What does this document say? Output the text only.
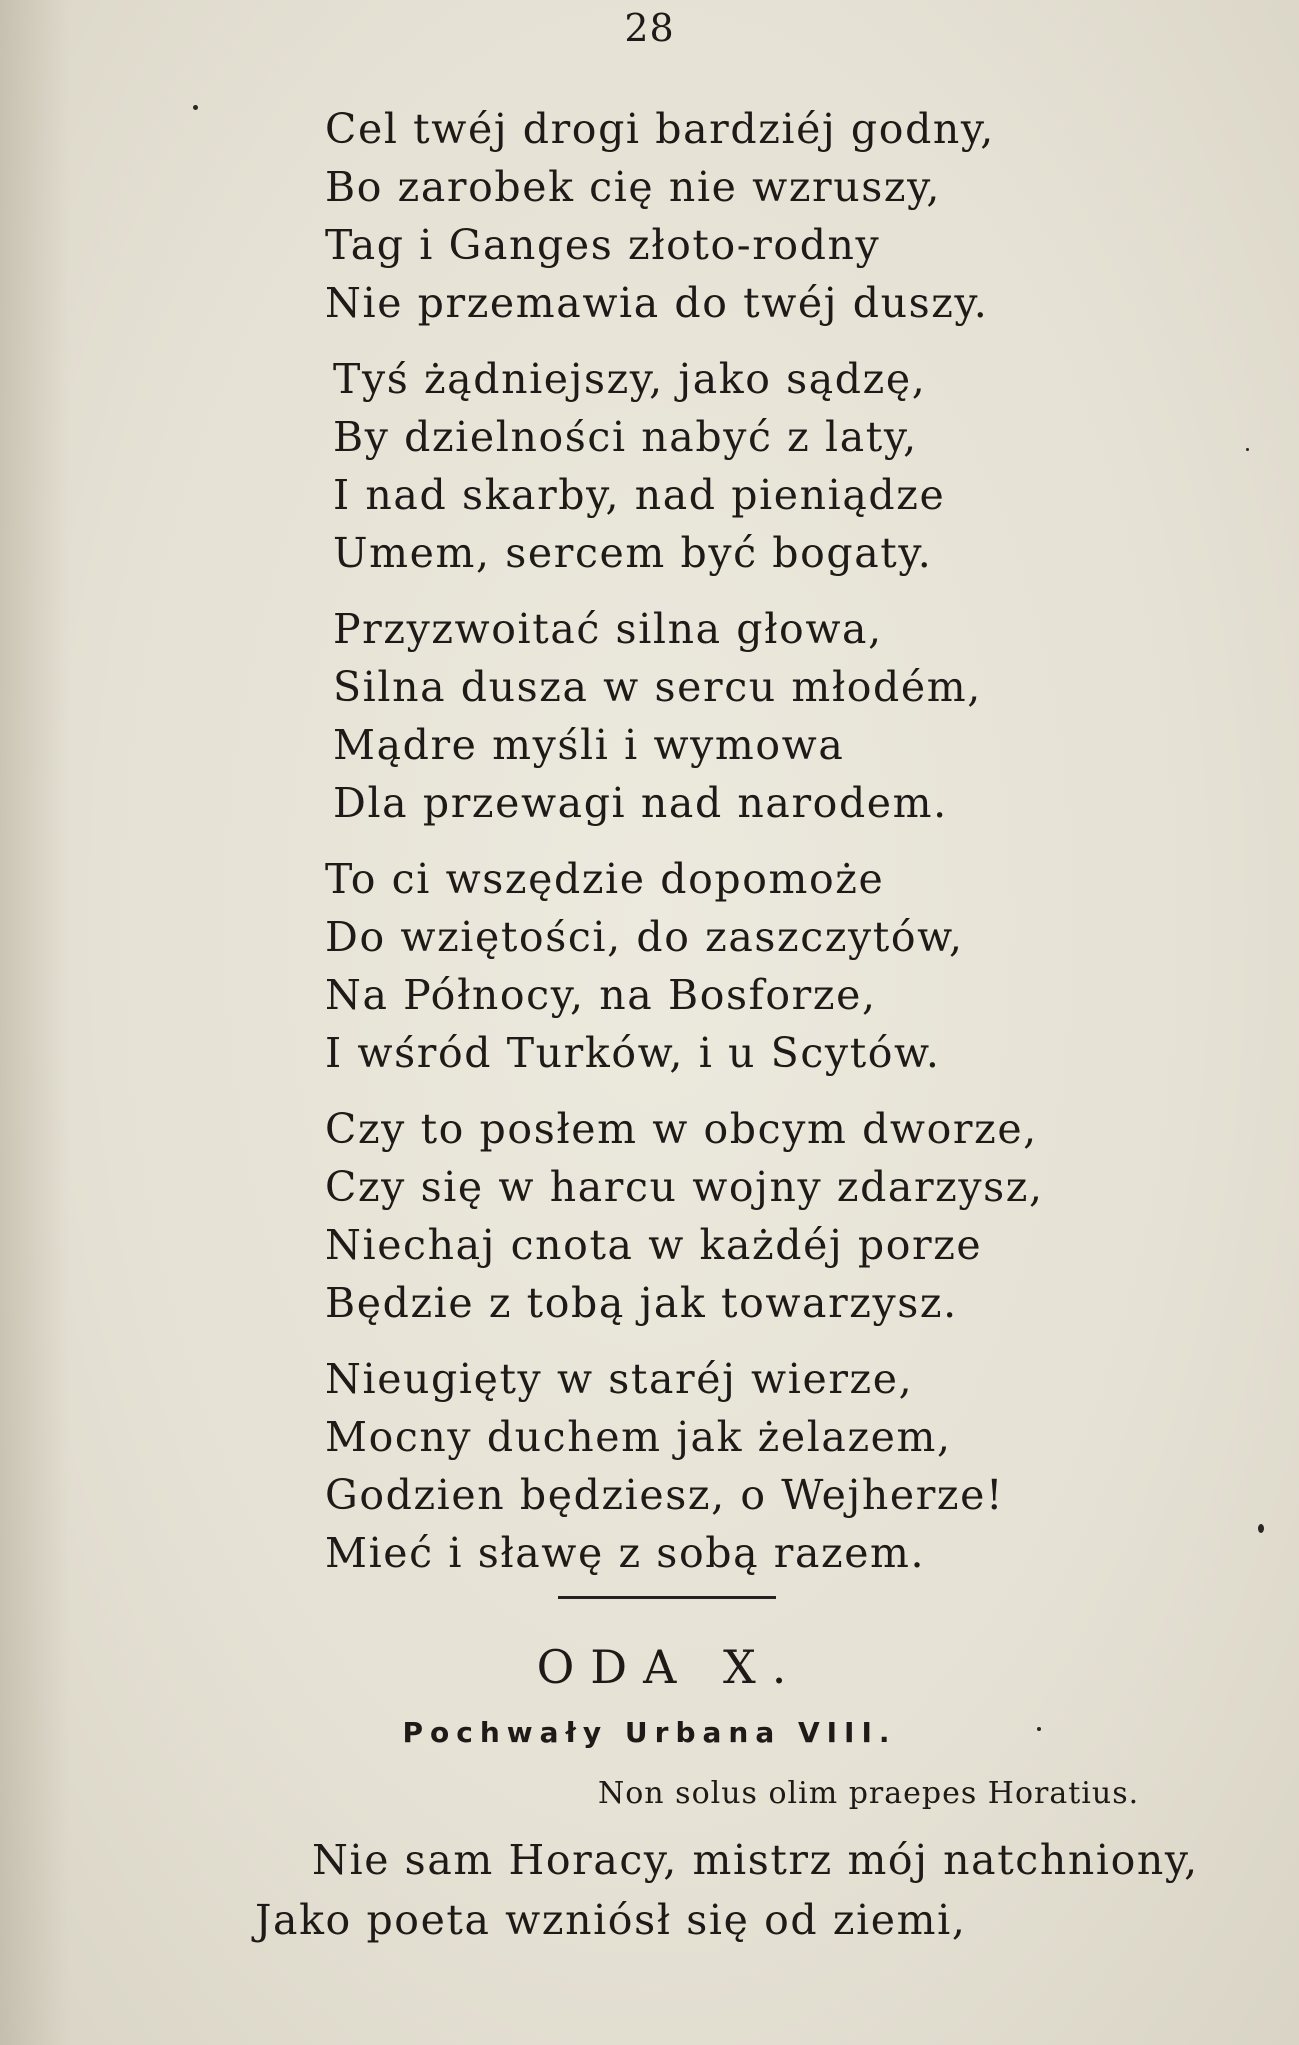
28
Cel twéj drogi bardziéj godny,
Bo zarobek cię nie wzruszy,
Tag i Ganges złoto-rodny
Nie przemawia do twéj duszy.
Tyś żądniejszy, jako sądzę,
By dzielności nabyć z laty,
I nad skarby, nad pieniądze
Umem, sercem być bogaty.
Przyzwoitać silna głowa,
Silna dusza w sercu młodém,
Mądre myśli i wymowa
Dla przewagi nad narodem.
To ci wszędzie dopomoże
Do wziętości, do zaszczytów,
Na Północy, na Bosforze,
I wśród Turków, i u Scytów.
Czy to posłem w obcym dworze,
Czy się w harcu wojny zdarzysz,
Niechaj cnota w każdéj porze
Będzie z tobą jak towarzysz.
Nieugięty w staréj wierze,
Mocny duchem jak żelazem,
Godzien będziesz, o Wejherze!
Mieć i sławę z sobą razem.
ODA X.
Pochwały Urbana VIII.
Non solus olim praepes Horatius.
Nie sam Horacy, mistrz mój natchniony,
Jako poeta wzniósł się od ziemi,
